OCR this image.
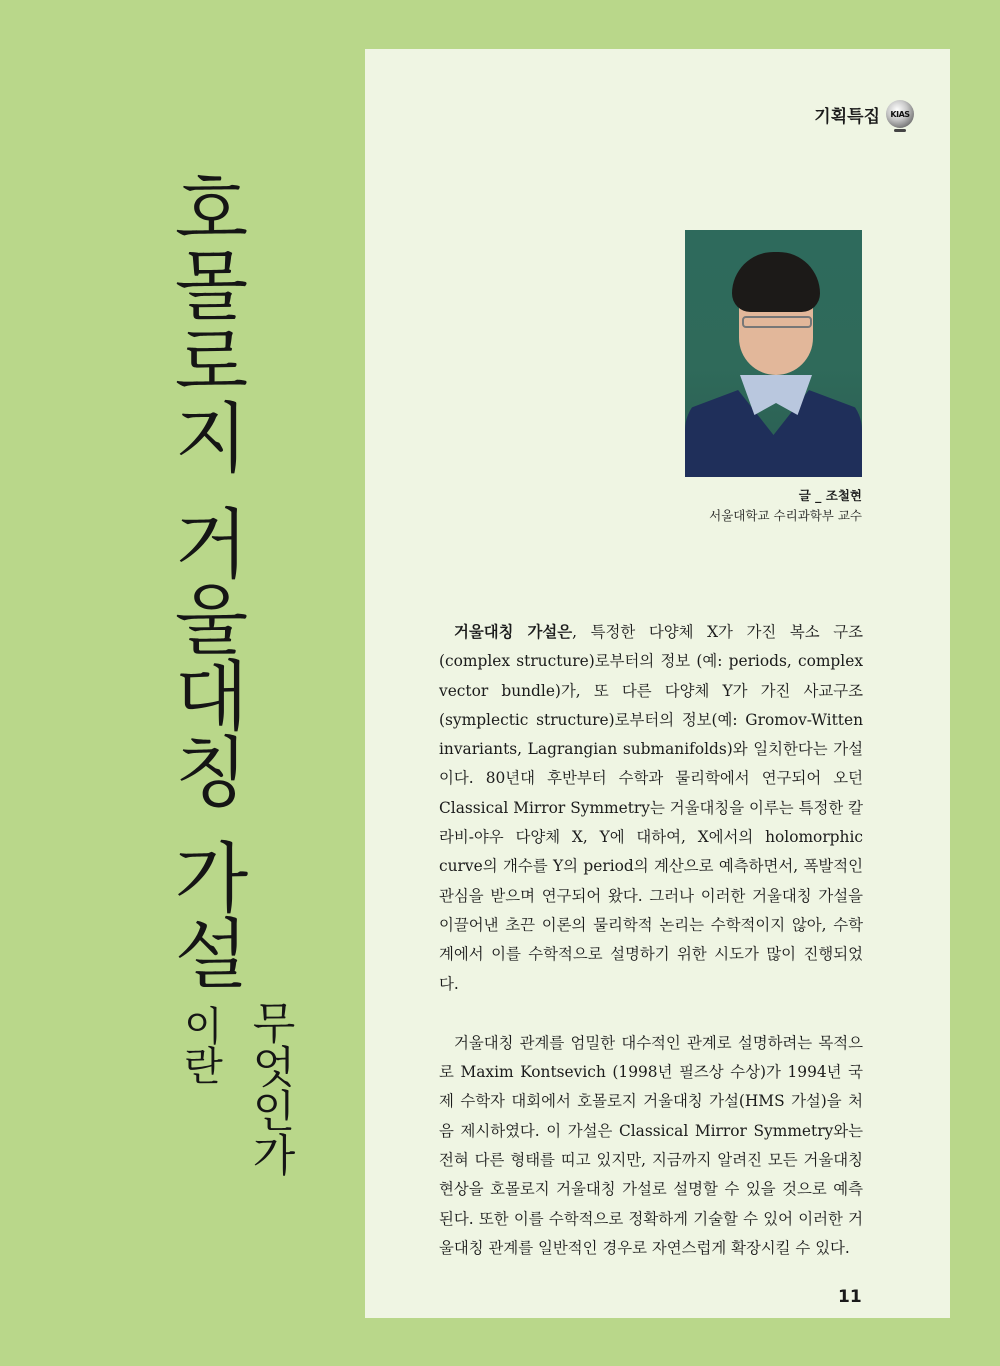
호몰로지
거울대칭
가설
이란 무엇인가
기획특집 KIAS
글 _ 조철현
서울대학교 수리과학부 교수

거울대칭 가설은, 특정한 다양체 X가 가진 복소 구조(complex structure)로부터의 정보 (예: periods, complex vector bundle)가, 또 다른 다양체 Y가 가진 사교구조(symplectic structure)로부터의 정보(예: Gromov-Witten invariants, Lagrangian submanifolds)와 일치한다는 가설이다. 80년대 후반부터 수학과 물리학에서 연구되어 오던 Classical Mirror Symmetry는 거울대칭을 이루는 특정한 칼라비-야우 다양체 X, Y에 대하여, X에서의 holomorphic curve의 개수를 Y의 period의 계산으로 예측하면서, 폭발적인 관심을 받으며 연구되어 왔다. 그러나 이러한 거울대칭 가설을 이끌어낸 초끈 이론의 물리학적 논리는 수학적이지 않아, 수학계에서 이를 수학적으로 설명하기 위한 시도가 많이 진행되었다.

거울대칭 관계를 엄밀한 대수적인 관계로 설명하려는 목적으로 Maxim Kontsevich (1998년 필즈상 수상)가 1994년 국제 수학자 대회에서 호몰로지 거울대칭 가설(HMS 가설)을 처음 제시하였다. 이 가설은 Classical Mirror Symmetry와는 전혀 다른 형태를 띠고 있지만, 지금까지 알려진 모든 거울대칭 현상을 호몰로지 거울대칭 가설로 설명할 수 있을 것으로 예측된다. 또한 이를 수학적으로 정확하게 기술할 수 있어 이러한 거울대칭 관계를 일반적인 경우로 자연스럽게 확장시킬 수 있다.

11
